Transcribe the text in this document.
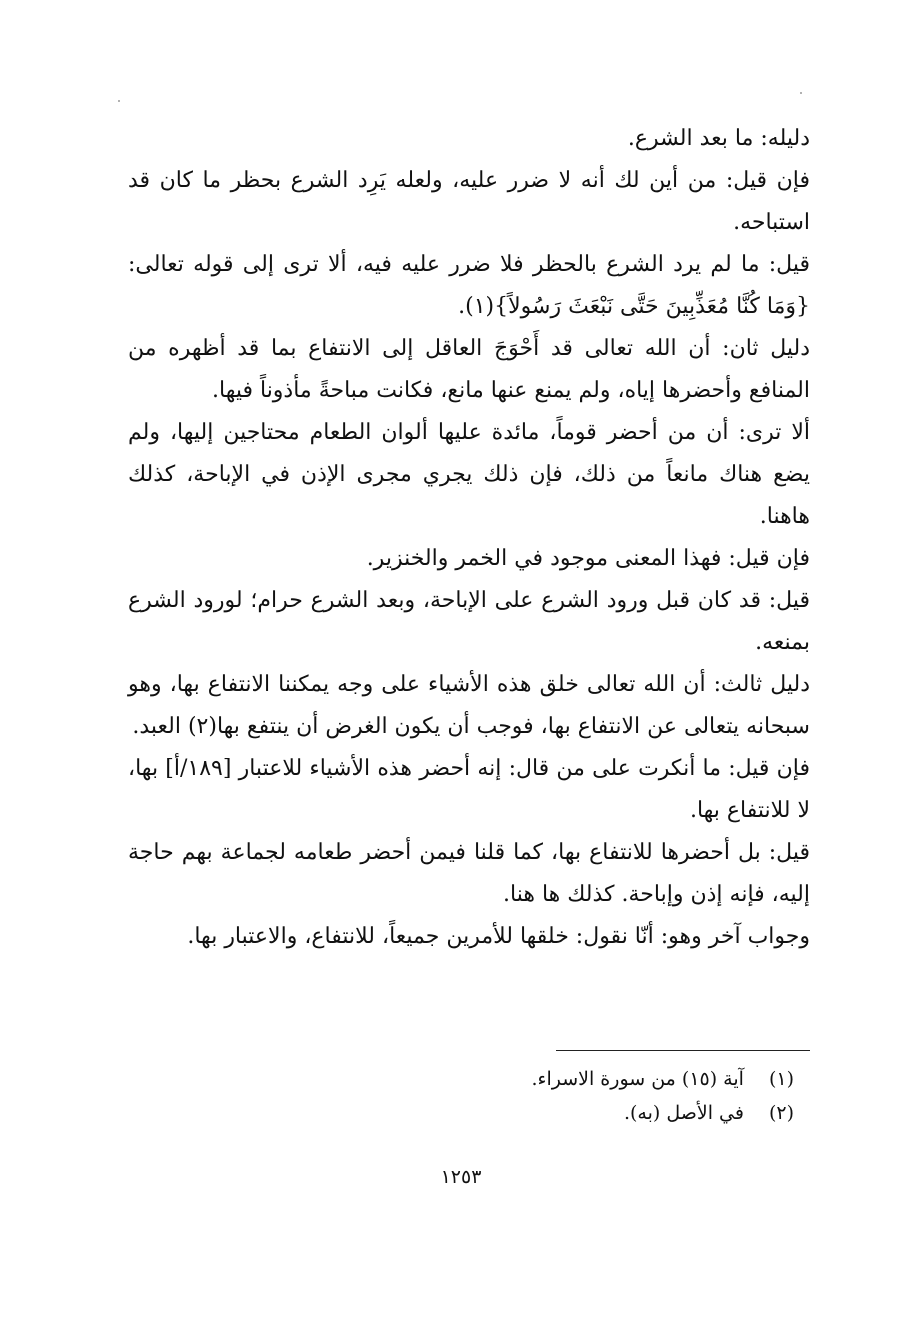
دليله: ما بعد الشرع.

فإن قيل: من أين لك أنه لا ضرر عليه، ولعله يَرِد الشرع بحظر ما كان قد استباحه.

قيل: ما لم يرد الشرع بالحظر فلا ضرر عليه فيه، ألا ترى إلى قوله تعالى: {وَمَا كُنَّا مُعَذِّبِينَ حَتَّى نَبْعَثَ رَسُولاً}(١).

دليل ثان: أن الله تعالى قد أَحْوَجَ العاقل إلى الانتفاع بما قد أظهره من المنافع وأحضرها إياه، ولم يمنع عنها مانع، فكانت مباحةً مأذوناً فيها.

ألا ترى: أن من أحضر قوماً، مائدة عليها ألوان الطعام محتاجين إليها، ولم يضع هناك مانعاً من ذلك، فإن ذلك يجري مجرى الإذن في الإباحة، كذلك هاهنا.

فإن قيل: فهذا المعنى موجود في الخمر والخنزير.

قيل: قد كان قبل ورود الشرع على الإباحة، وبعد الشرع حرام؛ لورود الشرع بمنعه.

دليل ثالث: أن الله تعالى خلق هذه الأشياء على وجه يمكننا الانتفاع بها، وهو سبحانه يتعالى عن الانتفاع بها، فوجب أن يكون الغرض أن ينتفع بها(٢) العبد.

فإن قيل: ما أنكرت على من قال: إنه أحضر هذه الأشياء للاعتبار [١٨٩/أ] بها، لا للانتفاع بها.

قيل: بل أحضرها للانتفاع بها، كما قلنا فيمن أحضر طعامه لجماعة بهم حاجة إليه، فإنه إذن وإباحة. كذلك ها هنا.

وجواب آخر وهو: أنّا نقول: خلقها للأمرين جميعاً، للانتفاع، والاعتبار بها.

(١) آية (١٥) من سورة الاسراء.
(٢) في الأصل (به).
١٢٥٣
